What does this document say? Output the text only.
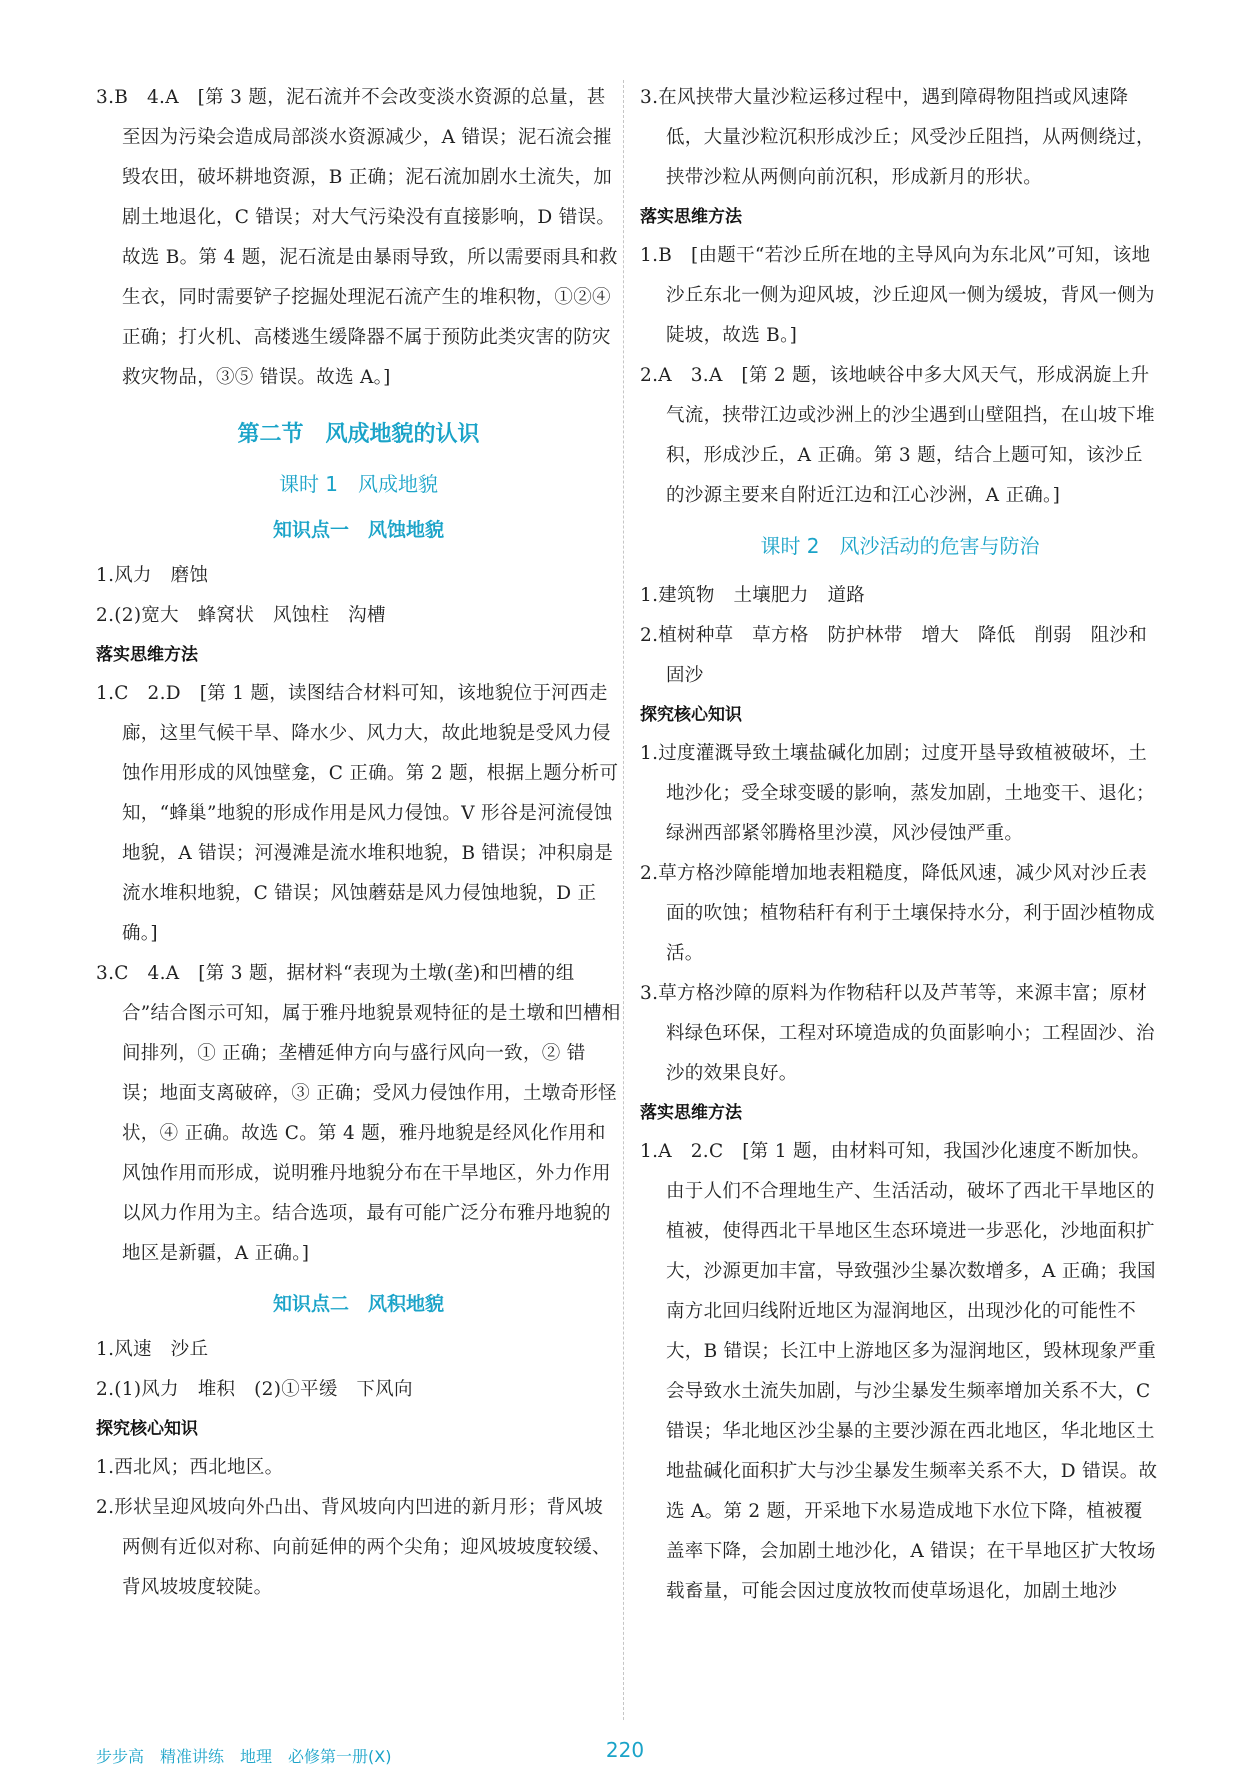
3.B　4.A　[第 3 题，泥石流并不会改变淡水资源的总量，甚至因为污染会造成局部淡水资源减少，A 错误；泥石流会摧毁农田，破坏耕地资源，B 正确；泥石流加剧水土流失，加剧土地退化，C 错误；对大气污染没有直接影响，D 错误。故选 B。第 4 题，泥石流是由暴雨导致，所以需要雨具和救生衣，同时需要铲子挖掘处理泥石流产生的堆积物，①②④ 正确；打火机、高楼逃生缓降器不属于预防此类灾害的防灾救灾物品，③⑤ 错误。故选 A。]

第二节　风成地貌的认识
课时 1　风成地貌
知识点一　风蚀地貌

1.风力　磨蚀

2.(2)宽大　蜂窝状　风蚀柱　沟槽

落实思维方法

1.C　2.D　[第 1 题，读图结合材料可知，该地貌位于河西走廊，这里气候干旱、降水少、风力大，故此地貌是受风力侵蚀作用形成的风蚀壁龛，C 正确。第 2 题，根据上题分析可知，“蜂巢”地貌的形成作用是风力侵蚀。V 形谷是河流侵蚀地貌，A 错误；河漫滩是流水堆积地貌，B 错误；冲积扇是流水堆积地貌，C 错误；风蚀蘑菇是风力侵蚀地貌，D 正确。]

3.C　4.A　[第 3 题，据材料“表现为土墩(垄)和凹槽的组合”结合图示可知，属于雅丹地貌景观特征的是土墩和凹槽相间排列，① 正确；垄槽延伸方向与盛行风向一致，② 错误；地面支离破碎，③ 正确；受风力侵蚀作用，土墩奇形怪状，④ 正确。故选 C。第 4 题，雅丹地貌是经风化作用和风蚀作用而形成，说明雅丹地貌分布在干旱地区，外力作用以风力作用为主。结合选项，最有可能广泛分布雅丹地貌的地区是新疆，A 正确。]

知识点二　风积地貌

1.风速　沙丘

2.(1)风力　堆积　(2)①平缓　下风向

探究核心知识

1.西北风；西北地区。

2.形状呈迎风坡向外凸出、背风坡向内凹进的新月形；背风坡两侧有近似对称、向前延伸的两个尖角；迎风坡坡度较缓、背风坡坡度较陡。

3.在风挟带大量沙粒运移过程中，遇到障碍物阻挡或风速降低，大量沙粒沉积形成沙丘；风受沙丘阻挡，从两侧绕过，挟带沙粒从两侧向前沉积，形成新月的形状。

落实思维方法

1.B　[由题干“若沙丘所在地的主导风向为东北风”可知，该地沙丘东北一侧为迎风坡，沙丘迎风一侧为缓坡，背风一侧为陡坡，故选 B。]

2.A　3.A　[第 2 题，该地峡谷中多大风天气，形成涡旋上升气流，挟带江边或沙洲上的沙尘遇到山壁阻挡，在山坡下堆积，形成沙丘，A 正确。第 3 题，结合上题可知，该沙丘的沙源主要来自附近江边和江心沙洲，A 正确。]

课时 2　风沙活动的危害与防治

1.建筑物　土壤肥力　道路

2.植树种草　草方格　防护林带　增大　降低　削弱　阻沙和固沙

探究核心知识

1.过度灌溉导致土壤盐碱化加剧；过度开垦导致植被破坏，土地沙化；受全球变暖的影响，蒸发加剧，土地变干、退化；绿洲西部紧邻腾格里沙漠，风沙侵蚀严重。

2.草方格沙障能增加地表粗糙度，降低风速，减少风对沙丘表面的吹蚀；植物秸秆有利于土壤保持水分，利于固沙植物成活。

3.草方格沙障的原料为作物秸秆以及芦苇等，来源丰富；原材料绿色环保，工程对环境造成的负面影响小；工程固沙、治沙的效果良好。

落实思维方法

1.A　2.C　[第 1 题，由材料可知，我国沙化速度不断加快。由于人们不合理地生产、生活活动，破坏了西北干旱地区的植被，使得西北干旱地区生态环境进一步恶化，沙地面积扩大，沙源更加丰富，导致强沙尘暴次数增多，A 正确；我国南方北回归线附近地区为湿润地区，出现沙化的可能性不大，B 错误；长江中上游地区多为湿润地区，毁林现象严重会导致水土流失加剧，与沙尘暴发生频率增加关系不大，C 错误；华北地区沙尘暴的主要沙源在西北地区，华北地区土地盐碱化面积扩大与沙尘暴发生频率关系不大，D 错误。故选 A。第 2 题，开采地下水易造成地下水位下降，植被覆盖率下降，会加剧土地沙化，A 错误；在干旱地区扩大牧场载畜量，可能会因过度放牧而使草场退化，加剧土地沙

步步高　精准讲练　地理　必修第一册(X)	220
